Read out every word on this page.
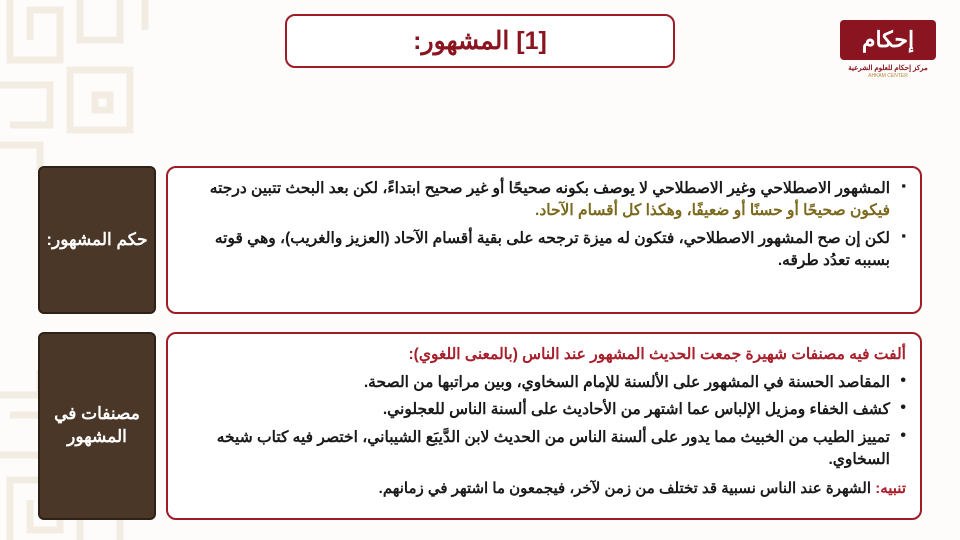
[1] المشهور:	إحكام
مركز إحكام للعلوم الشرعية
AHKAM CENTER
▪ المشهور الاصطلاحي وغير الاصطلاحي لا يوصف بكونه صحيحًا أو غير صحيح ابتداءً، لكن بعد البحث تتبين درجته فيكون صحيحًا أو حسنًا أو ضعيفًا، وهكذا كل أقسام الآحاد.
▪ لكن إن صح المشهور الاصطلاحي، فتكون له ميزة ترجحه على بقية أقسام الآحاد (العزيز والغريب)، وهي قوته بسببه تعدُد طرقه.
حكم المشهور:

ألفت فيه مصنفات شهيرة جمعت الحديث المشهور عند الناس (بالمعنى اللغوي):

• المقاصد الحسنة في المشهور على الألسنة للإمام السخاوي، وبين مراتبها من الصحة.
• كشف الخفاء ومزيل الإلباس عما اشتهر من الأحاديث على ألسنة الناس للعجلوني.
• تمييز الطيب من الخبيث مما يدور على ألسنة الناس من الحديث لابن الدَّيبَع الشيباني، اختصر فيه كتاب شيخه السخاوي.

تنبيه: الشهرة عند الناس نسبية قد تختلف من زمن لآخر، فيجمعون ما اشتهر في زمانهم.

مصنفات في المشهور
